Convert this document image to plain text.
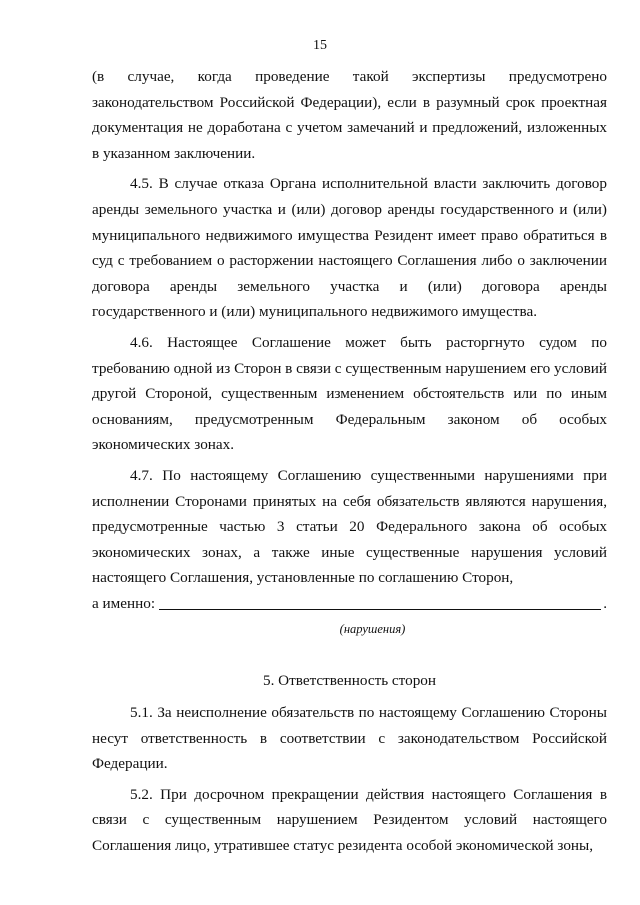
15

(в случае, когда проведение такой экспертизы предусмотрено законодательством Российской Федерации), если в разумный срок проектная документация не доработана с учетом замечаний и предложений, изложенных в указанном заключении.

4.5. В случае отказа Органа исполнительной власти заключить договор аренды земельного участка и (или) договор аренды государственного и (или) муниципального недвижимого имущества Резидент имеет право обратиться в суд с требованием о расторжении настоящего Соглашения либо о заключении договора аренды земельного участка и (или) договора аренды государственного и (или) муниципального недвижимого имущества.

4.6. Настоящее Соглашение может быть расторгнуто судом по требованию одной из Сторон в связи с существенным нарушением его условий другой Стороной, существенным изменением обстоятельств или по иным основаниям, предусмотренным Федеральным законом об особых экономических зонах.

4.7. По настоящему Соглашению существенными нарушениями при исполнении Сторонами принятых на себя обязательств являются нарушения, предусмотренные частью 3 статьи 20 Федерального закона об особых экономических зонах, а также иные существенные нарушения условий настоящего Соглашения, установленные по соглашению Сторон,

а именно:	.

(нарушения)

5. Ответственность сторон

5.1. За неисполнение обязательств по настоящему Соглашению Стороны несут ответственность в соответствии с законодательством Российской Федерации.

5.2. При досрочном прекращении действия настоящего Соглашения в связи с существенным нарушением Резидентом условий настоящего Соглашения лицо, утратившее статус резидента особой экономической зоны,
